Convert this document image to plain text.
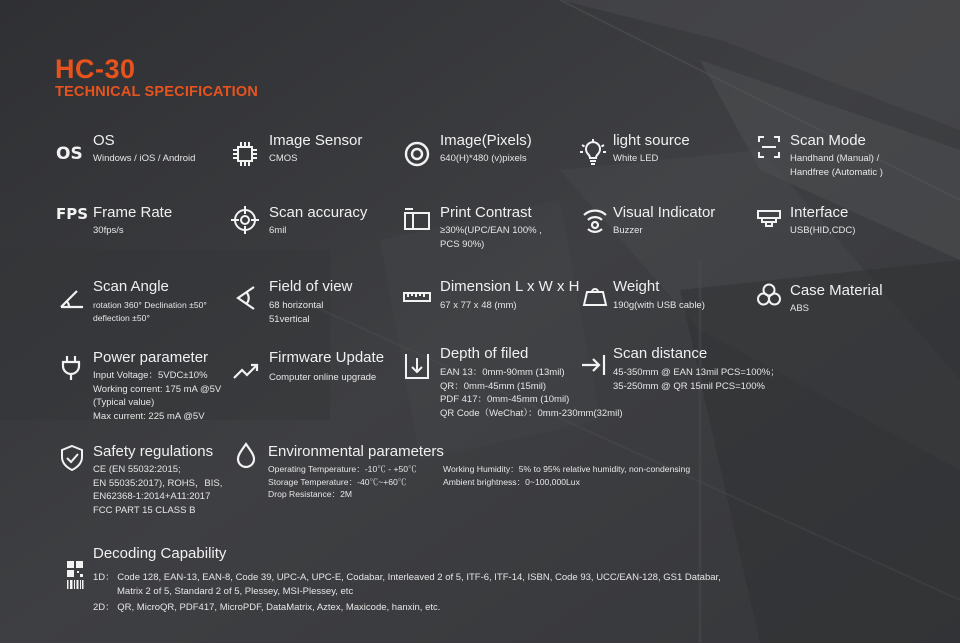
HC-30
TECHNICAL SPECIFICATION
OS
OS
Windows / iOS / Android
Image Sensor
CMOS
Image(Pixels)
640(H)*480 (v)pixels
light source
White LED
Scan Mode
Handhand (Manual) /
Handfree (Automatic )
FPS Frame Rate
30fps/s
Scan accuracy
6mil
Print Contrast
≥30%(UPC/EAN 100% ,
PCS 90%)
Visual Indicator
Buzzer
Interface
USB(HID,CDC)
Scan Angle
rotation 360° Declination ±50°
deflection ±50°
Field of view
68 horizontal
51vertical
Dimension L x W x H
67 x 77 x 48 (mm)
Weight
190g(with USB cable)
Case Material
ABS
Power parameter
Input Voltage：5VDC±10%
Working corrent: 175 mA @5V
(Typical value)
Max current: 225 mA @5V
Firmware Update
Computer online upgrade
Depth of filed
EAN 13：0mm-90mm (13mil)
QR：0mm-45mm (15mil)
PDF 417：0mm-45mm (10mil)
QR Code（WeChat）：0mm-230mm(32mil)
Scan distance
45-350mm @ EAN 13mil PCS=100%；
35-250mm @ QR 15mil PCS=100%
Safety regulations
CE (EN 55032:2015;
EN 55035:2017), ROHS，BIS,
EN62368-1:2014+A11:2017
FCC PART 15 CLASS B
Environmental parameters
Operating Temperature：-10℃ - +50℃
Storage Temperature：-40℃~+60℃
Drop Resistance：2M
Working Humidity：5% to 95% relative humidity, non-condensing
Ambient brightness：0~100,000Lux
Decoding Capability
1D： Code 128, EAN-13, EAN-8, Code 39, UPC-A, UPC-E, Codabar, Interleaved 2 of 5, ITF-6, ITF-14, ISBN, Code 93, UCC/EAN-128, GS1 Databar,
Matrix 2 of 5, Standard 2 of 5, Plessey, MSI-Plessey, etc
2D： QR, MicroQR, PDF417, MicroPDF, DataMatrix, Aztex, Maxicode, hanxin, etc.
